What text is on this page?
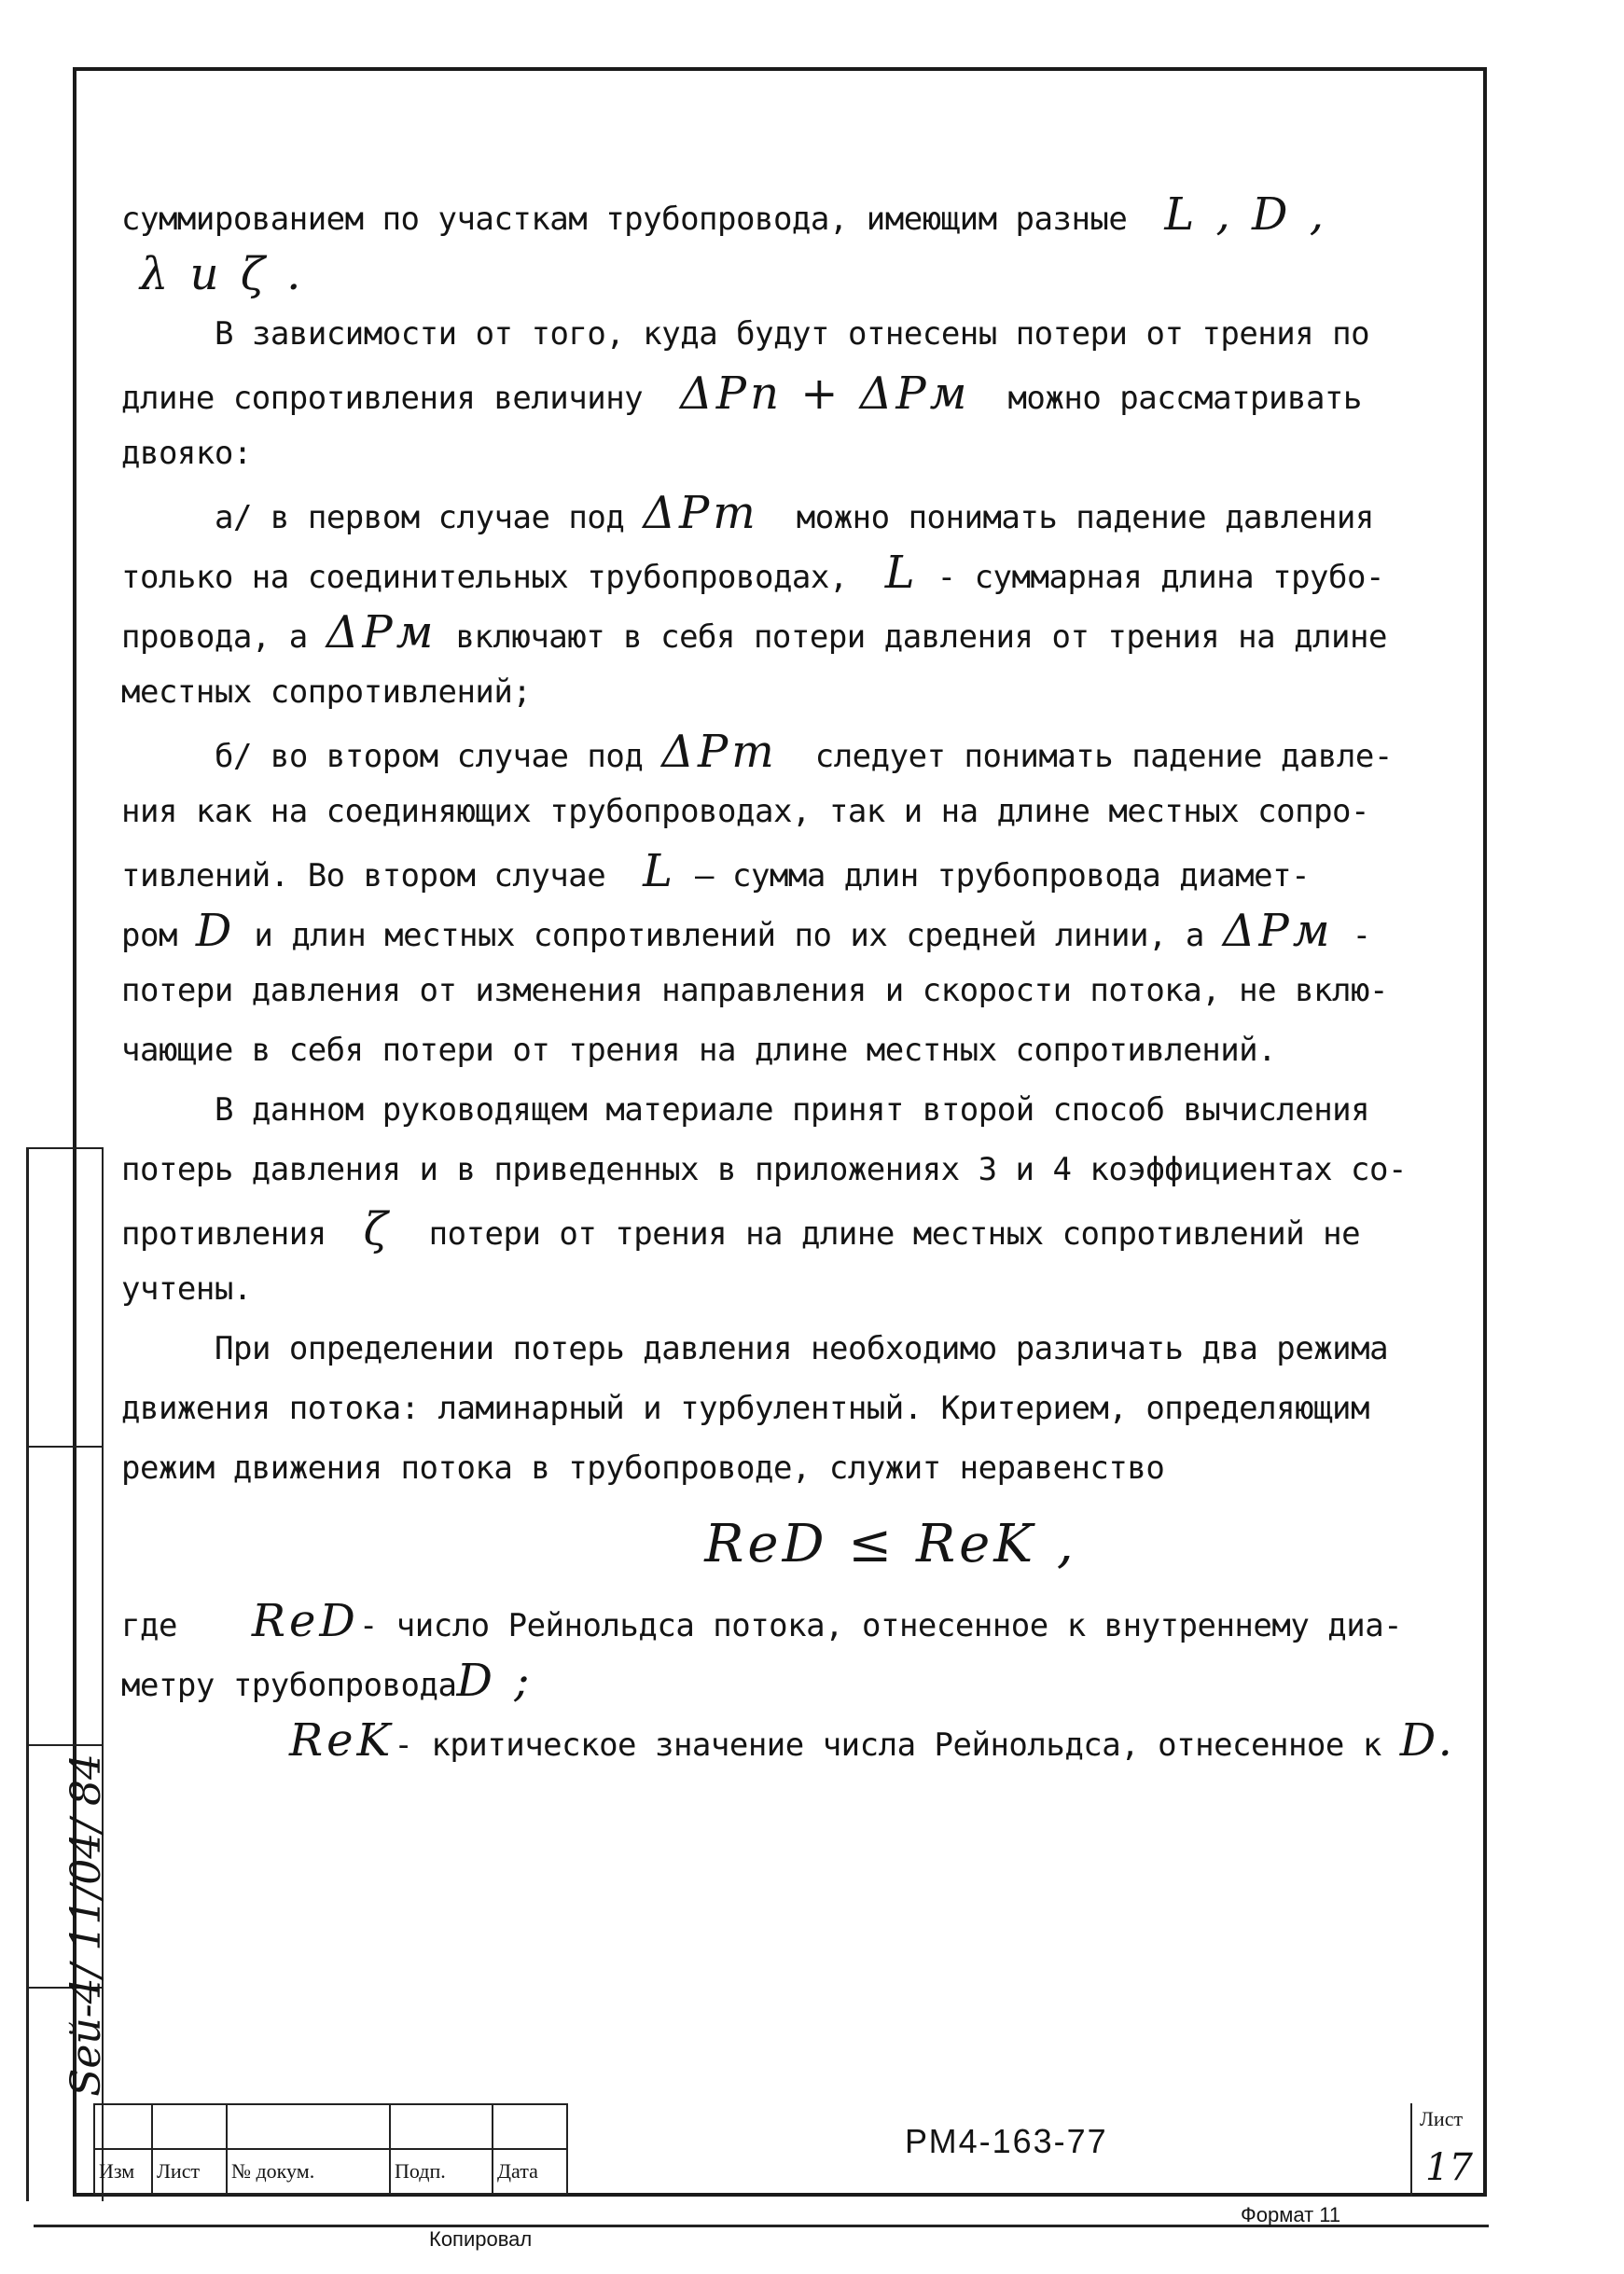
суммированием по участкам трубопровода, имеющим разные L , D ,
λ и ζ .
В зависимости от того, куда будут отнесены потери от трения по
длине сопротивления величину ΔPп + ΔPм можно рассматривать
двояко:
а/ в первом случае под ΔPт можно понимать падение давления
только на соединительных трубопроводах, L - суммарная длина трубо-
провода, а ΔPм включают в себя потери давления от трения на длине
местных сопротивлений;
б/ во втором случае под ΔPт следует понимать падение давле-
ния как на соединяющих трубопроводах, так и на длине местных сопро-
тивлений. Во втором случае L — сумма длин трубопровода диамет-
ром D и длин местных сопротивлений по их средней линии, а ΔPм -
потери давления от изменения направления и скорости потока, не вклю-
чающие в себя потери от трения на длине местных сопротивлений.
В данном руководящем материале принят второй способ вычисления
потерь давления и в приведенных в приложениях 3 и 4 коэффициентах со-
противления ζ потери от трения на длине местных сопротивлений не
учтены.
При определении потерь давления необходимо различать два режима
движения потока: ламинарный и турбулентный. Критерием, определяющим
режим движения потока в трубопроводе, служит неравенство
ReD ≤ ReK ,
где ReD- число Рейнольдса потока, отнесенное к внутреннему диа-
метру трубопроводаD ;
ReK- критическое значение числа Рейнольдса, отнесенное к D.
Sей-4/ 11/04/ 84

Изм	Лист	№ докум.	Подп.	Дата
РМ4-163-77
Лист
17
Копировал
Формат 11
